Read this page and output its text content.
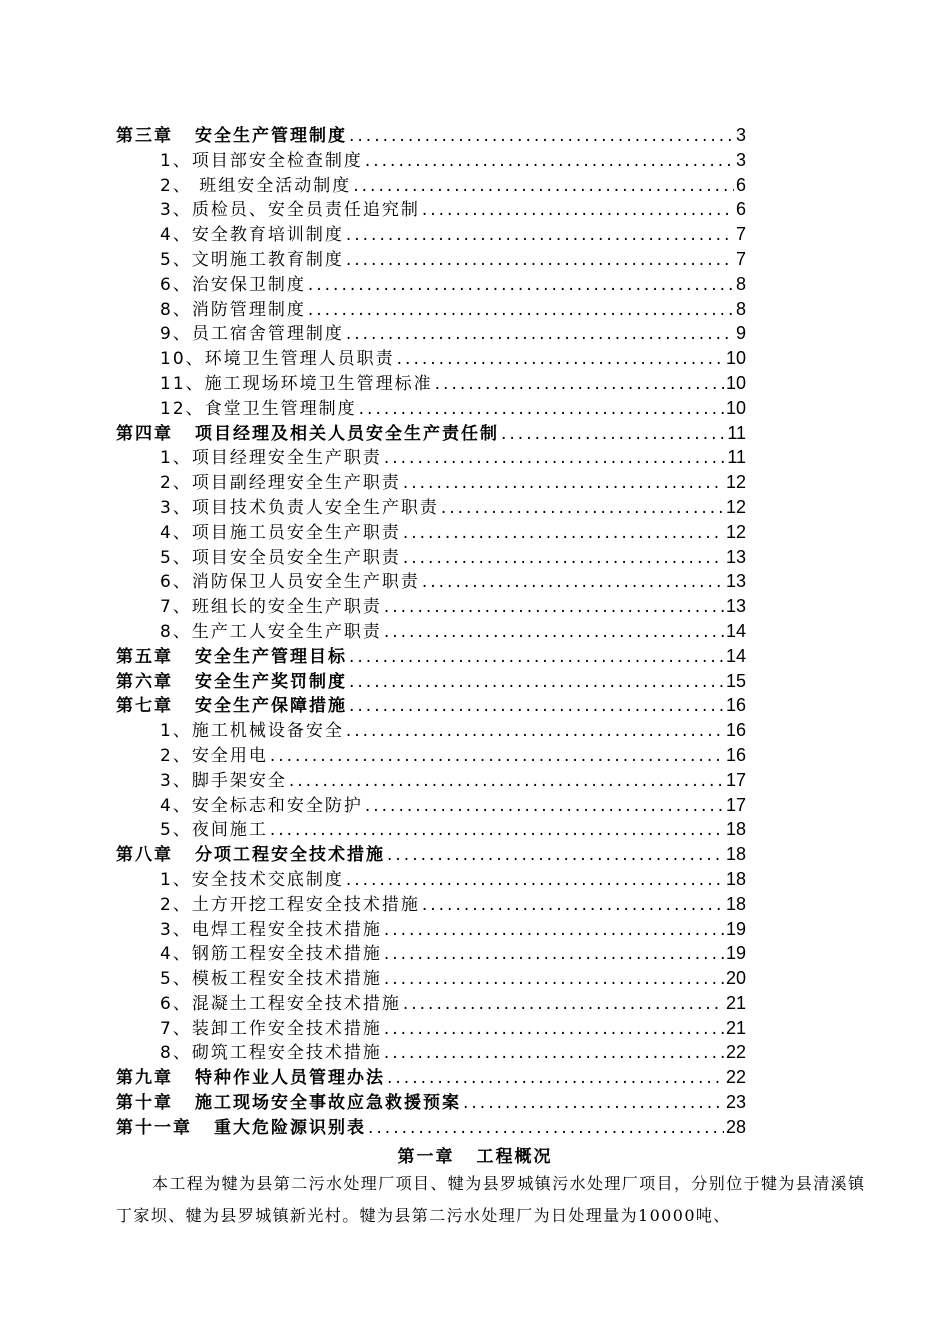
第三章 安全生产管理制度 .....	3
1、项目部安全检查制度 .....	3
2、 班组安全活动制度 .....	6
3、质检员、安全员责任追究制 .....	6
4、安全教育培训制度 .....	7
5、文明施工教育制度 .....	7
6、治安保卫制度 .....	8
8、消防管理制度 .....	8
9、员工宿舍管理制度 .....	9
10、环境卫生管理人员职责 .....	10
11、施工现场环境卫生管理标准 .....	10
12、食堂卫生管理制度 .....	10
第四章 项目经理及相关人员安全生产责任制 .....	11
1、项目经理安全生产职责 .....	11
2、项目副经理安全生产职责 .....	12
3、项目技术负责人安全生产职责 .....	12
4、项目施工员安全生产职责 .....	12
5、项目安全员安全生产职责 .....	13
6、消防保卫人员安全生产职责 .....	13
7、班组长的安全生产职责 .....	13
8、生产工人安全生产职责 .....	14
第五章 安全生产管理目标 .....	14
第六章 安全生产奖罚制度 .....	15
第七章 安全生产保障措施 .....	16
1、施工机械设备安全 .....	16
2、安全用电 .....	16
3、脚手架安全 .....	17
4、安全标志和安全防护 .....	17
5、夜间施工 .....	18
第八章 分项工程安全技术措施 .....	18
1、安全技术交底制度 .....	18
2、土方开挖工程安全技术措施 .....	18
3、电焊工程安全技术措施 .....	19
4、钢筋工程安全技术措施 .....	19
5、模板工程安全技术措施 .....	20
6、混凝土工程安全技术措施 .....	21
7、装卸工作安全技术措施 .....	21
8、砌筑工程安全技术措施 .....	22
第九章 特种作业人员管理办法 .....	22
第十章 施工现场安全事故应急救援预案 .....	23
第十一章 重大危险源识别表 .....	28
第一章 工程概况

本工程为犍为县第二污水处理厂项目、犍为县罗城镇污水处理厂项目，分别位于犍为县清溪镇丁家坝、犍为县罗城镇新光村。犍为县第二污水处理厂为日处理量为10000吨、
